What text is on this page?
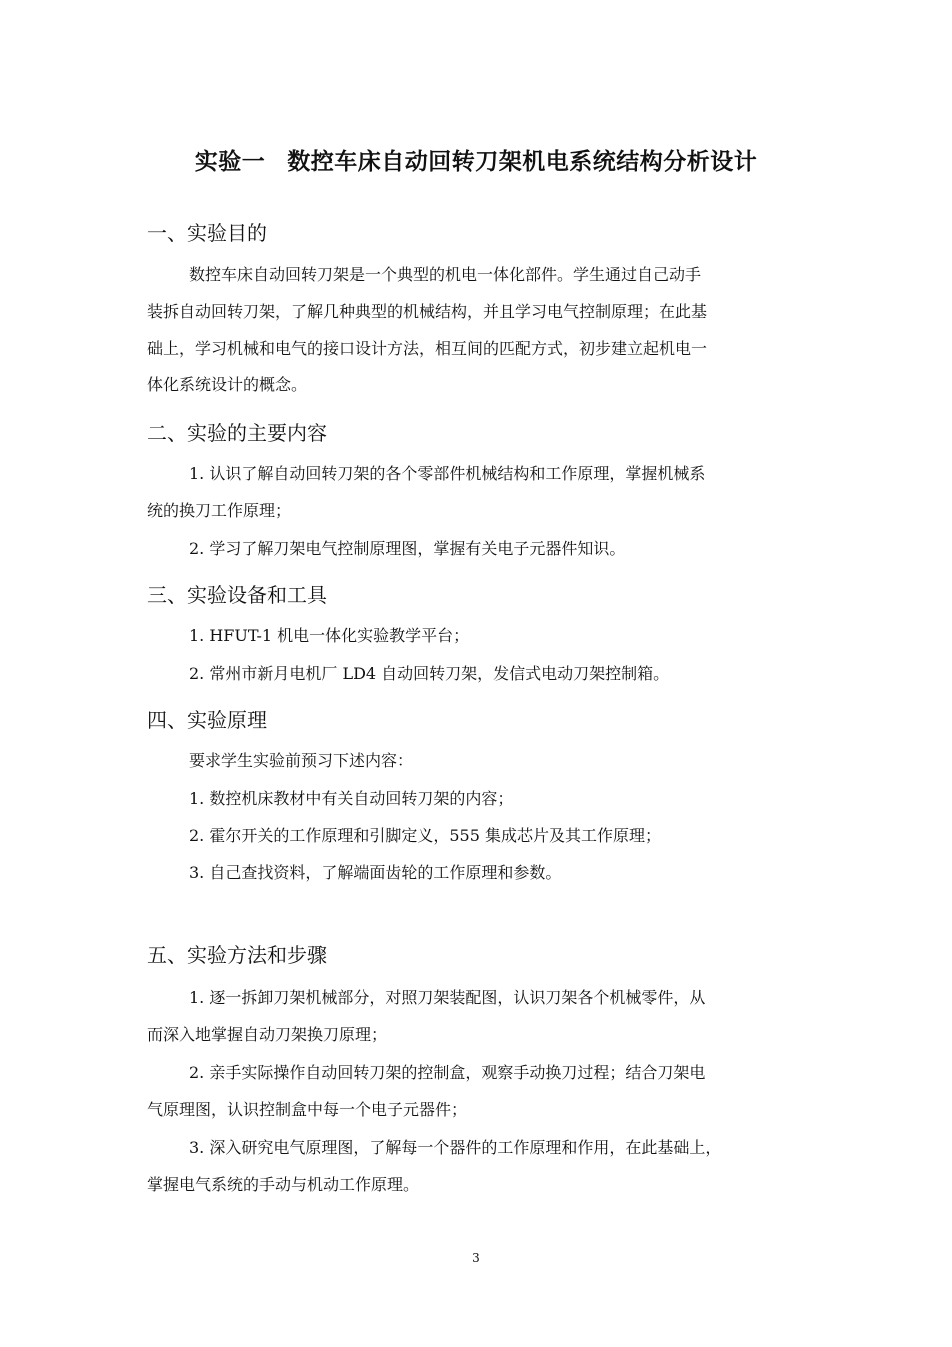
实验一 数控车床自动回转刀架机电系统结构分析设计
一、实验目的
数控车床自动回转刀架是一个典型的机电一体化部件。学生通过自己动手
装拆自动回转刀架，了解几种典型的机械结构，并且学习电气控制原理；在此基
础上，学习机械和电气的接口设计方法，相互间的匹配方式，初步建立起机电一
体化系统设计的概念。
二、实验的主要内容
1. 认识了解自动回转刀架的各个零部件机械结构和工作原理，掌握机械系
统的换刀工作原理；
2. 学习了解刀架电气控制原理图，掌握有关电子元器件知识。
三、实验设备和工具
1. HFUT-1 机电一体化实验教学平台；
2. 常州市新月电机厂 LD4 自动回转刀架，发信式电动刀架控制箱。
四、实验原理
要求学生实验前预习下述内容：
1. 数控机床教材中有关自动回转刀架的内容；
2. 霍尔开关的工作原理和引脚定义，555 集成芯片及其工作原理；
3. 自己查找资料，了解端面齿轮的工作原理和参数。
五、实验方法和步骤
1. 逐一拆卸刀架机械部分，对照刀架装配图，认识刀架各个机械零件，从
而深入地掌握自动刀架换刀原理；
2. 亲手实际操作自动回转刀架的控制盒，观察手动换刀过程；结合刀架电
气原理图，认识控制盒中每一个电子元器件；
3. 深入研究电气原理图，了解每一个器件的工作原理和作用，在此基础上，
掌握电气系统的手动与机动工作原理。
3
